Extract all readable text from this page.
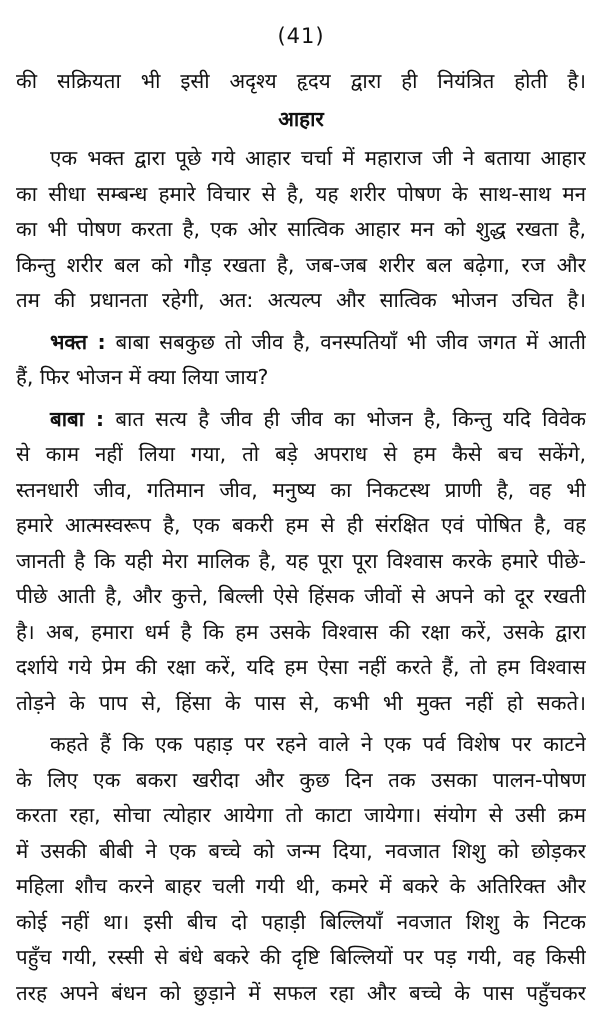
(41)
की सक्रियता भी इसी अदृश्य हृदय द्वारा ही नियंत्रित होती है।
आहार
एक भक्त द्वारा पूछे गये आहार चर्चा में महाराज जी ने बताया आहार
का सीधा सम्बन्ध हमारे विचार से है, यह शरीर पोषण के साथ-साथ मन
का भी पोषण करता है, एक ओर सात्विक आहार मन को शुद्ध रखता है,
किन्तु शरीर बल को गौड़ रखता है, जब-जब शरीर बल बढ़ेगा, रज और
तम की प्रधानता रहेगी, अत: अत्यल्प और सात्विक भोजन उचित है।
भक्त : बाबा सबकुछ तो जीव है, वनस्पतियाँ भी जीव जगत में आती
हैं, फिर भोजन में क्या लिया जाय?
बाबा : बात सत्य है जीव ही जीव का भोजन है, किन्तु यदि विवेक
से काम नहीं लिया गया, तो बड़े अपराध से हम कैसे बच सकेंगे,
स्तनधारी जीव, गतिमान जीव, मनुष्य का निकटस्थ प्राणी है, वह भी
हमारे आत्मस्वरूप है, एक बकरी हम से ही संरक्षित एवं पोषित है, वह
जानती है कि यही मेरा मालिक है, यह पूरा पूरा विश्वास करके हमारे पीछे-
पीछे आती है, और कुत्ते, बिल्ली ऐसे हिंसक जीवों से अपने को दूर रखती
है। अब, हमारा धर्म है कि हम उसके विश्वास की रक्षा करें, उसके द्वारा
दर्शाये गये प्रेम की रक्षा करें, यदि हम ऐसा नहीं करते हैं, तो हम विश्वास
तोड़ने के पाप से, हिंसा के पास से, कभी भी मुक्त नहीं हो सकते।
कहते हैं कि एक पहाड़ पर रहने वाले ने एक पर्व विशेष पर काटने
के लिए एक बकरा खरीदा और कुछ दिन तक उसका पालन-पोषण
करता रहा, सोचा त्योहार आयेगा तो काटा जायेगा। संयोग से उसी क्रम
में उसकी बीबी ने एक बच्चे को जन्म दिया, नवजात शिशु को छोड़कर
महिला शौच करने बाहर चली गयी थी, कमरे में बकरे के अतिरिक्त और
कोई नहीं था। इसी बीच दो पहाड़ी बिल्लियाँ नवजात शिशु के निटक
पहुँच गयी, रस्सी से बंधे बकरे की दृष्टि बिल्लियों पर पड़ गयी, वह किसी
तरह अपने बंधन को छुड़ाने में सफल रहा और बच्चे के पास पहुँचकर
